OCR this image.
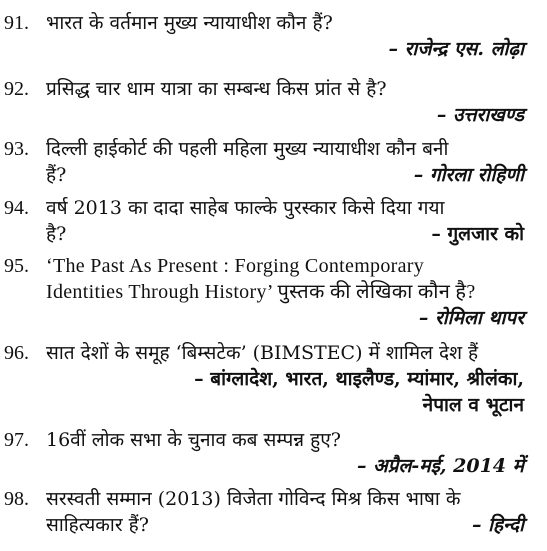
91. भारत के वर्तमान मुख्य न्यायाधीश कौन हैं?
– राजेन्द्र एस. लोढ़ा
92. प्रसिद्ध चार धाम यात्रा का सम्बन्ध किस प्रांत से है?
– उत्तराखण्ड
93. दिल्ली हाईकोर्ट की पहली महिला मुख्य न्यायाधीश कौन बनी
हैं?	– गोरला रोहिणी
94. वर्ष 2013 का दादा साहेब फाल्के पुरस्कार किसे दिया गया
है?	– गुलजार को
95. ‘The Past As Present : Forging Contemporary
Identities Through History’ पुस्तक की लेखिका कौन है?
– रोमिला थापर
96. सात देशों के समूह ‘बिम्सटेक’ (BIMSTEC) में शामिल देश हैं
– बांग्लादेश, भारत, थाइलैण्ड, म्यांमार, श्रीलंका,
नेपाल व भूटान
97. 16वीं लोक सभा के चुनाव कब सम्पन्न हुए?
– अप्रैल-मई, 2014 में
98. सरस्वती सम्मान (2013) विजेता गोविन्द मिश्र किस भाषा के
साहित्यकार हैं?	– हिन्दी
